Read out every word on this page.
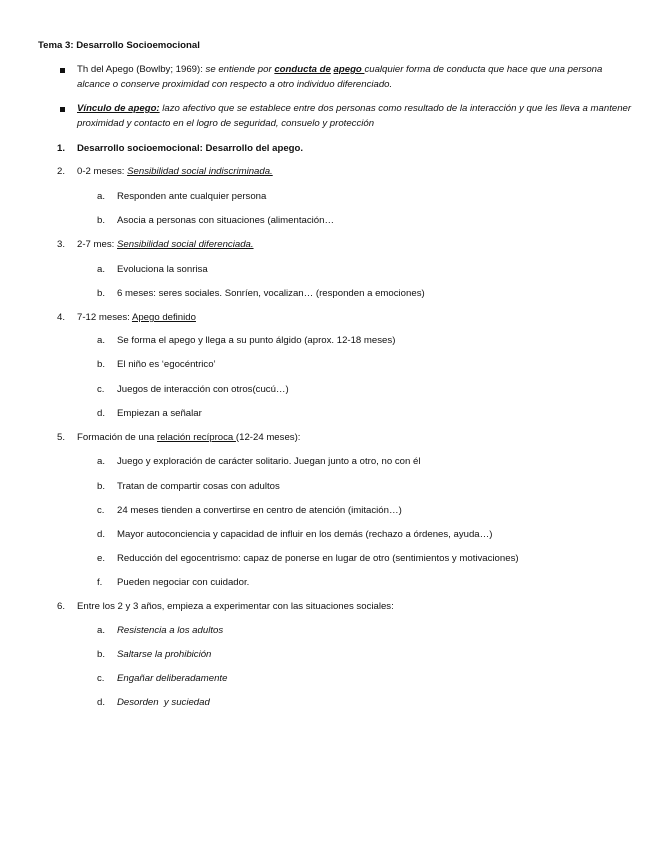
Tema 3: Desarrollo Socioemocional
Th del Apego (Bowlby; 1969): se entiende por conducta de apego cualquier forma de conducta que hace que una persona alcance o conserve proximidad con respecto a otro individuo diferenciado.
Vínculo de apego: lazo afectivo que se establece entre dos personas como resultado de la interacción y que les lleva a mantener proximidad y contacto en el logro de seguridad, consuelo y protección
1.	Desarrollo socioemocional: Desarrollo del apego.
2.	0-2 meses: Sensibilidad social indiscriminada.
a. Responden ante cualquier persona
b. Asocia a personas con situaciones (alimentación…
3.	2-7 mes: Sensibilidad social diferenciada.
a. Evoluciona la sonrisa
b. 6 meses: seres sociales. Sonríen, vocalizan… (responden a emociones)
4.	7-12 meses: Apego definido
a. Se forma el apego y llega a su punto álgido (aprox. 12-18 meses)
b. El niño es ‘egocéntrico’
c. Juegos de interacción con otros(cucú…)
d. Empiezan a señalar
5.	Formación de una relación recíproca (12-24 meses):
a. Juego y exploración de carácter solitario. Juegan junto a otro, no con él
b. Tratan de compartir cosas con adultos
c. 24 meses tienden a convertirse en centro de atención (imitación…)
d. Mayor autoconciencia y capacidad de influir en los demás (rechazo a órdenes, ayuda…)
e. Reducción del egocentrismo: capaz de ponerse en lugar de otro (sentimientos y motivaciones)
f.	Pueden negociar con cuidador.
6.	Entre los 2 y 3 años, empieza a experimentar con las situaciones sociales:
a. Resistencia a los adultos
b. Saltarse la prohibición
c. Engañar deliberadamente
d. Desorden  y suciedad
